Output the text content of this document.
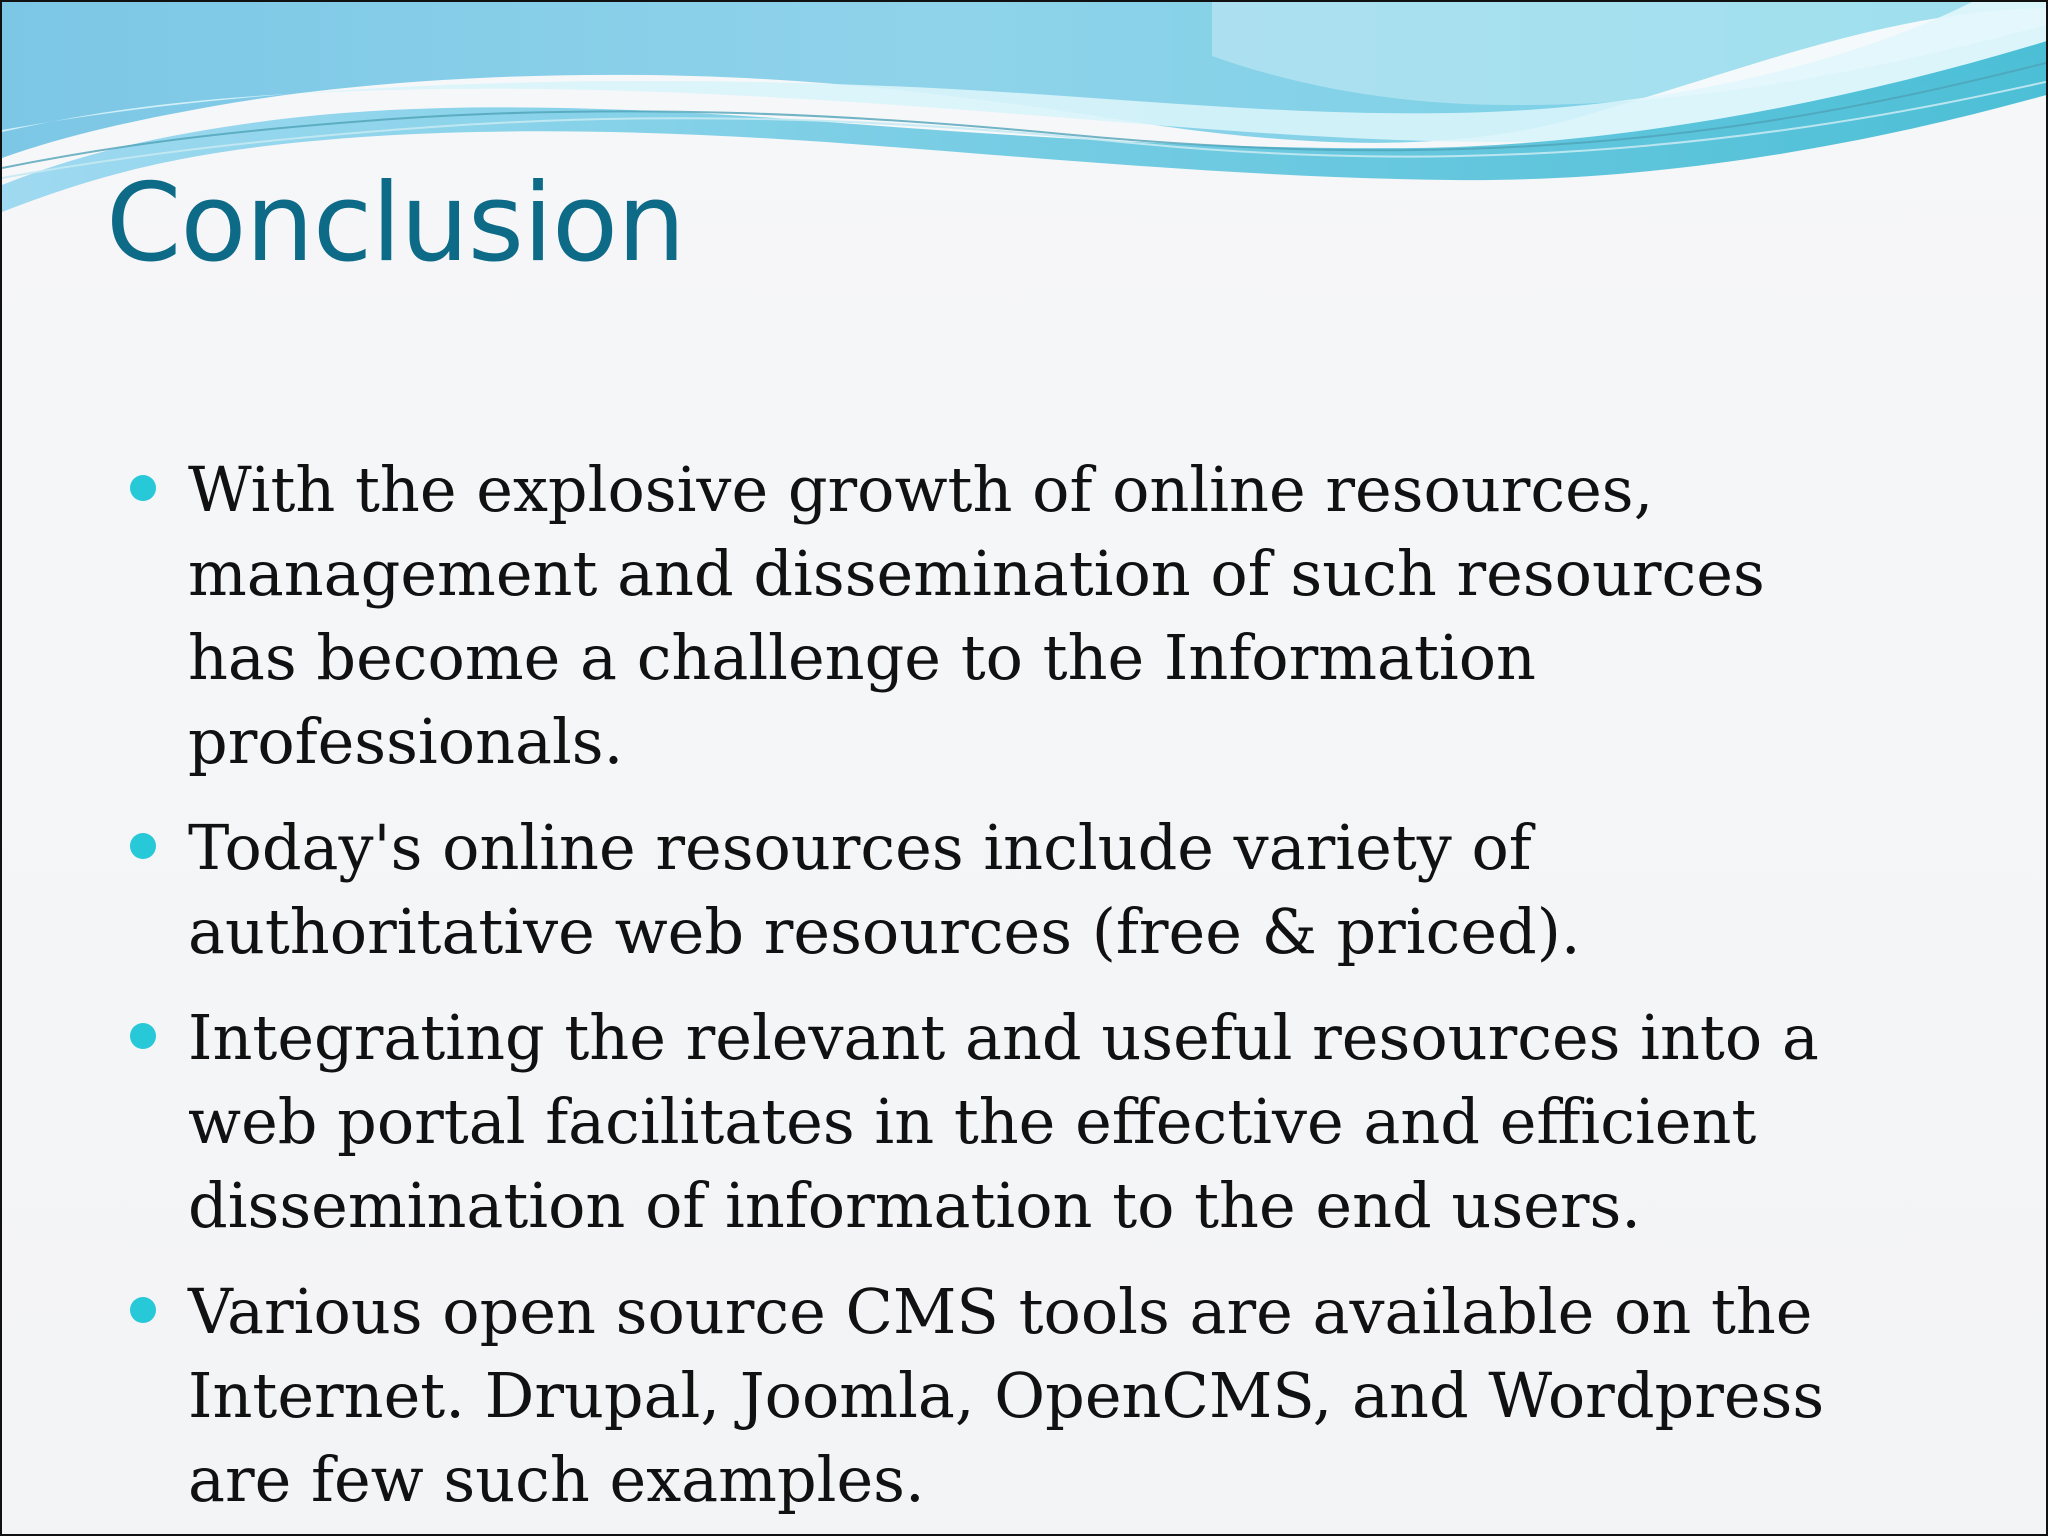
Conclusion
With the explosive growth of online resources, management and dissemination of such resources has become a challenge to the Information professionals.
Today's online resources include variety of authoritative web resources (free & priced).
Integrating the relevant and useful resources into a web portal facilitates in the effective and efficient dissemination of information to the end users.
Various open source CMS tools are available on the Internet. Drupal, Joomla, OpenCMS, and Wordpress are few such examples.
